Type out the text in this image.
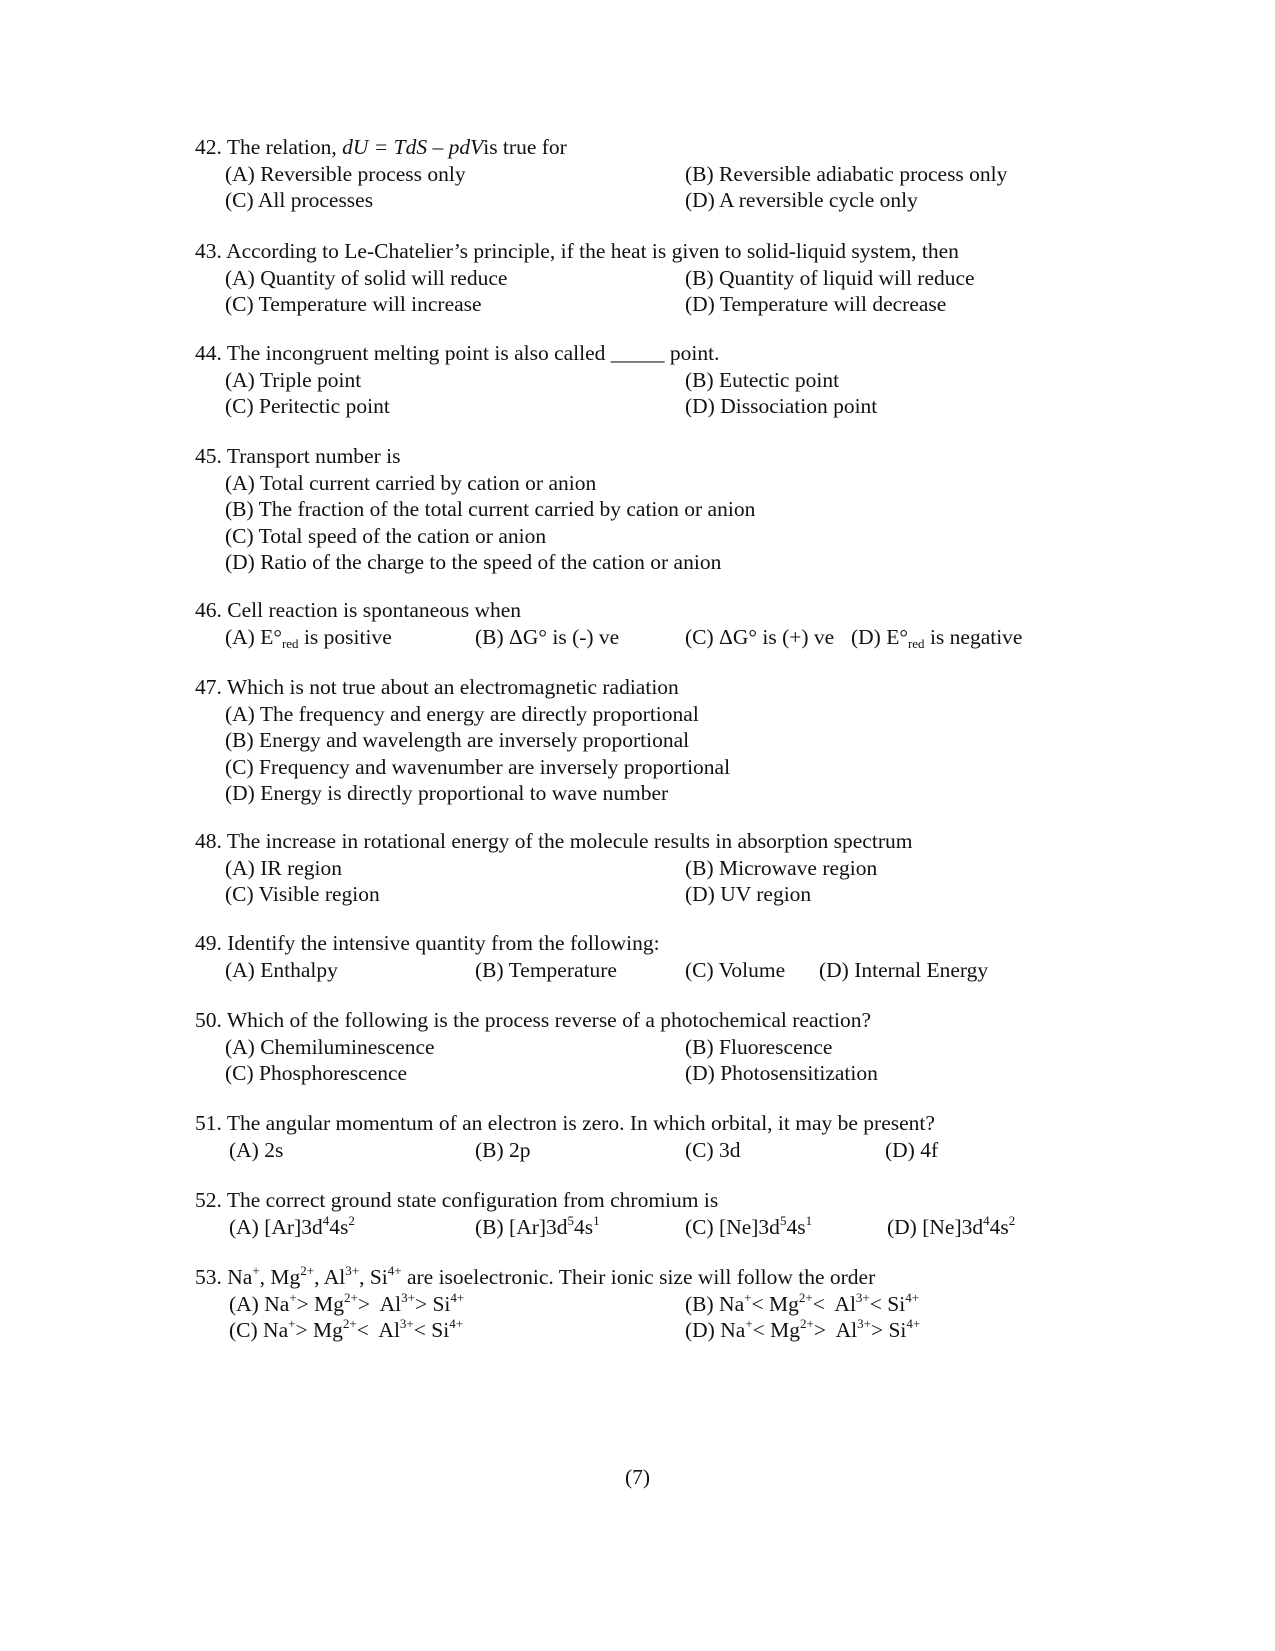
42. The relation, dU = TdS – pdVis true for
(A) Reversible process only	(B) Reversible adiabatic process only
(C) All processes	(D) A reversible cycle only
43. According to Le-Chatelier’s principle, if the heat is given to solid-liquid system, then
(A) Quantity of solid will reduce	(B) Quantity of liquid will reduce
(C) Temperature will increase	(D) Temperature will decrease
44. The incongruent melting point is also called _____ point.
(A) Triple point	(B) Eutectic point
(C) Peritectic point	(D) Dissociation point
45. Transport number is
(A) Total current carried by cation or anion
(B) The fraction of the total current carried by cation or anion
(C) Total speed of the cation or anion
(D) Ratio of the charge to the speed of the cation or anion
46. Cell reaction is spontaneous when
(A) $E^\circ_{red}$ is positive	(B) ΔG° is (-) ve	(C) ΔG° is (+) ve (D) $E^\circ_{red}$ is negative
47. Which is not true about an electromagnetic radiation
(A) The frequency and energy are directly proportional
(B) Energy and wavelength are inversely proportional
(C) Frequency and wavenumber are inversely proportional
(D) Energy is directly proportional to wave number
48. The increase in rotational energy of the molecule results in absorption spectrum
(A) IR region	(B) Microwave region
(C) Visible region	(D) UV region
49. Identify the intensive quantity from the following:
(A) Enthalpy	(B) Temperature	(C) Volume (D) Internal Energy
50. Which of the following is the process reverse of a photochemical reaction?
(A) Chemiluminescence	(B) Fluorescence
(C) Phosphorescence	(D) Photosensitization
51. The angular momentum of an electron is zero. In which orbital, it may be present?
(A) 2s	(B) 2p	(C) 3d	(D) 4f
52. The correct ground state configuration from chromium is
(A) $[Ar]3d^44s^2$	(B) $[Ar]3d^54s^1$	(C) $[Ne]3d^54s^1$	(D) $[Ne]3d^44s^2$
53. Na+, $Mg^{2+}$, $Al^{3+}$, $Si^{4+}$ are isoelectronic. Their ionic size will follow the order
(A) $Na^+> Mg^{2+}> Al^{3+}> Si^{4+}$	(B) $Na^+< Mg^{2+}< Al^{3+}< Si^{4+}$
(C) $Na^+> Mg^{2+}< Al^{3+}< Si^{4+}$	(D) $Na^+< Mg^{2+}> Al^{3+}> Si^{4+}$
(7)
